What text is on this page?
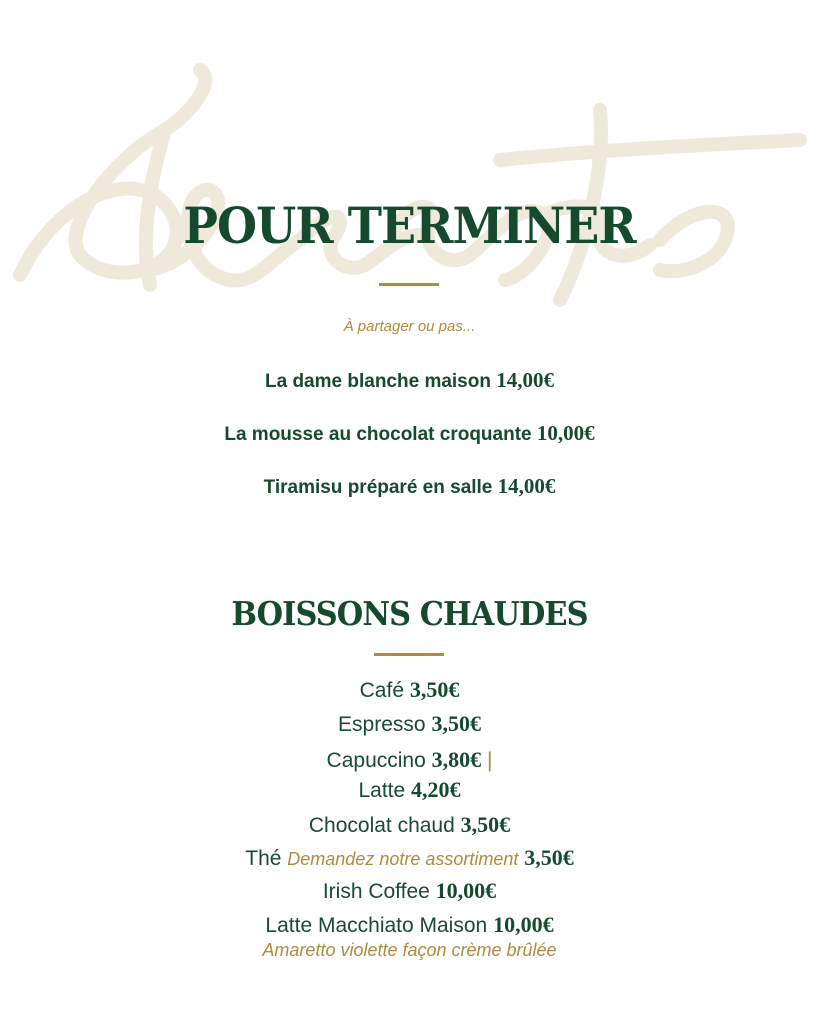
POUR TERMINER
À partager ou pas...
La dame blanche maison 14,00€
La mousse au chocolat croquante 10,00€
Tiramisu préparé en salle 14,00€
BOISSONS CHAUDES
Café 3,50€
Espresso 3,50€
Capuccino 3,80€ |
Latte 4,20€
Chocolat chaud 3,50€
Thé Demandez notre assortiment 3,50€
Irish Coffee 10,00€
Latte Macchiato Maison 10,00€
Amaretto violette façon crème brûlée
